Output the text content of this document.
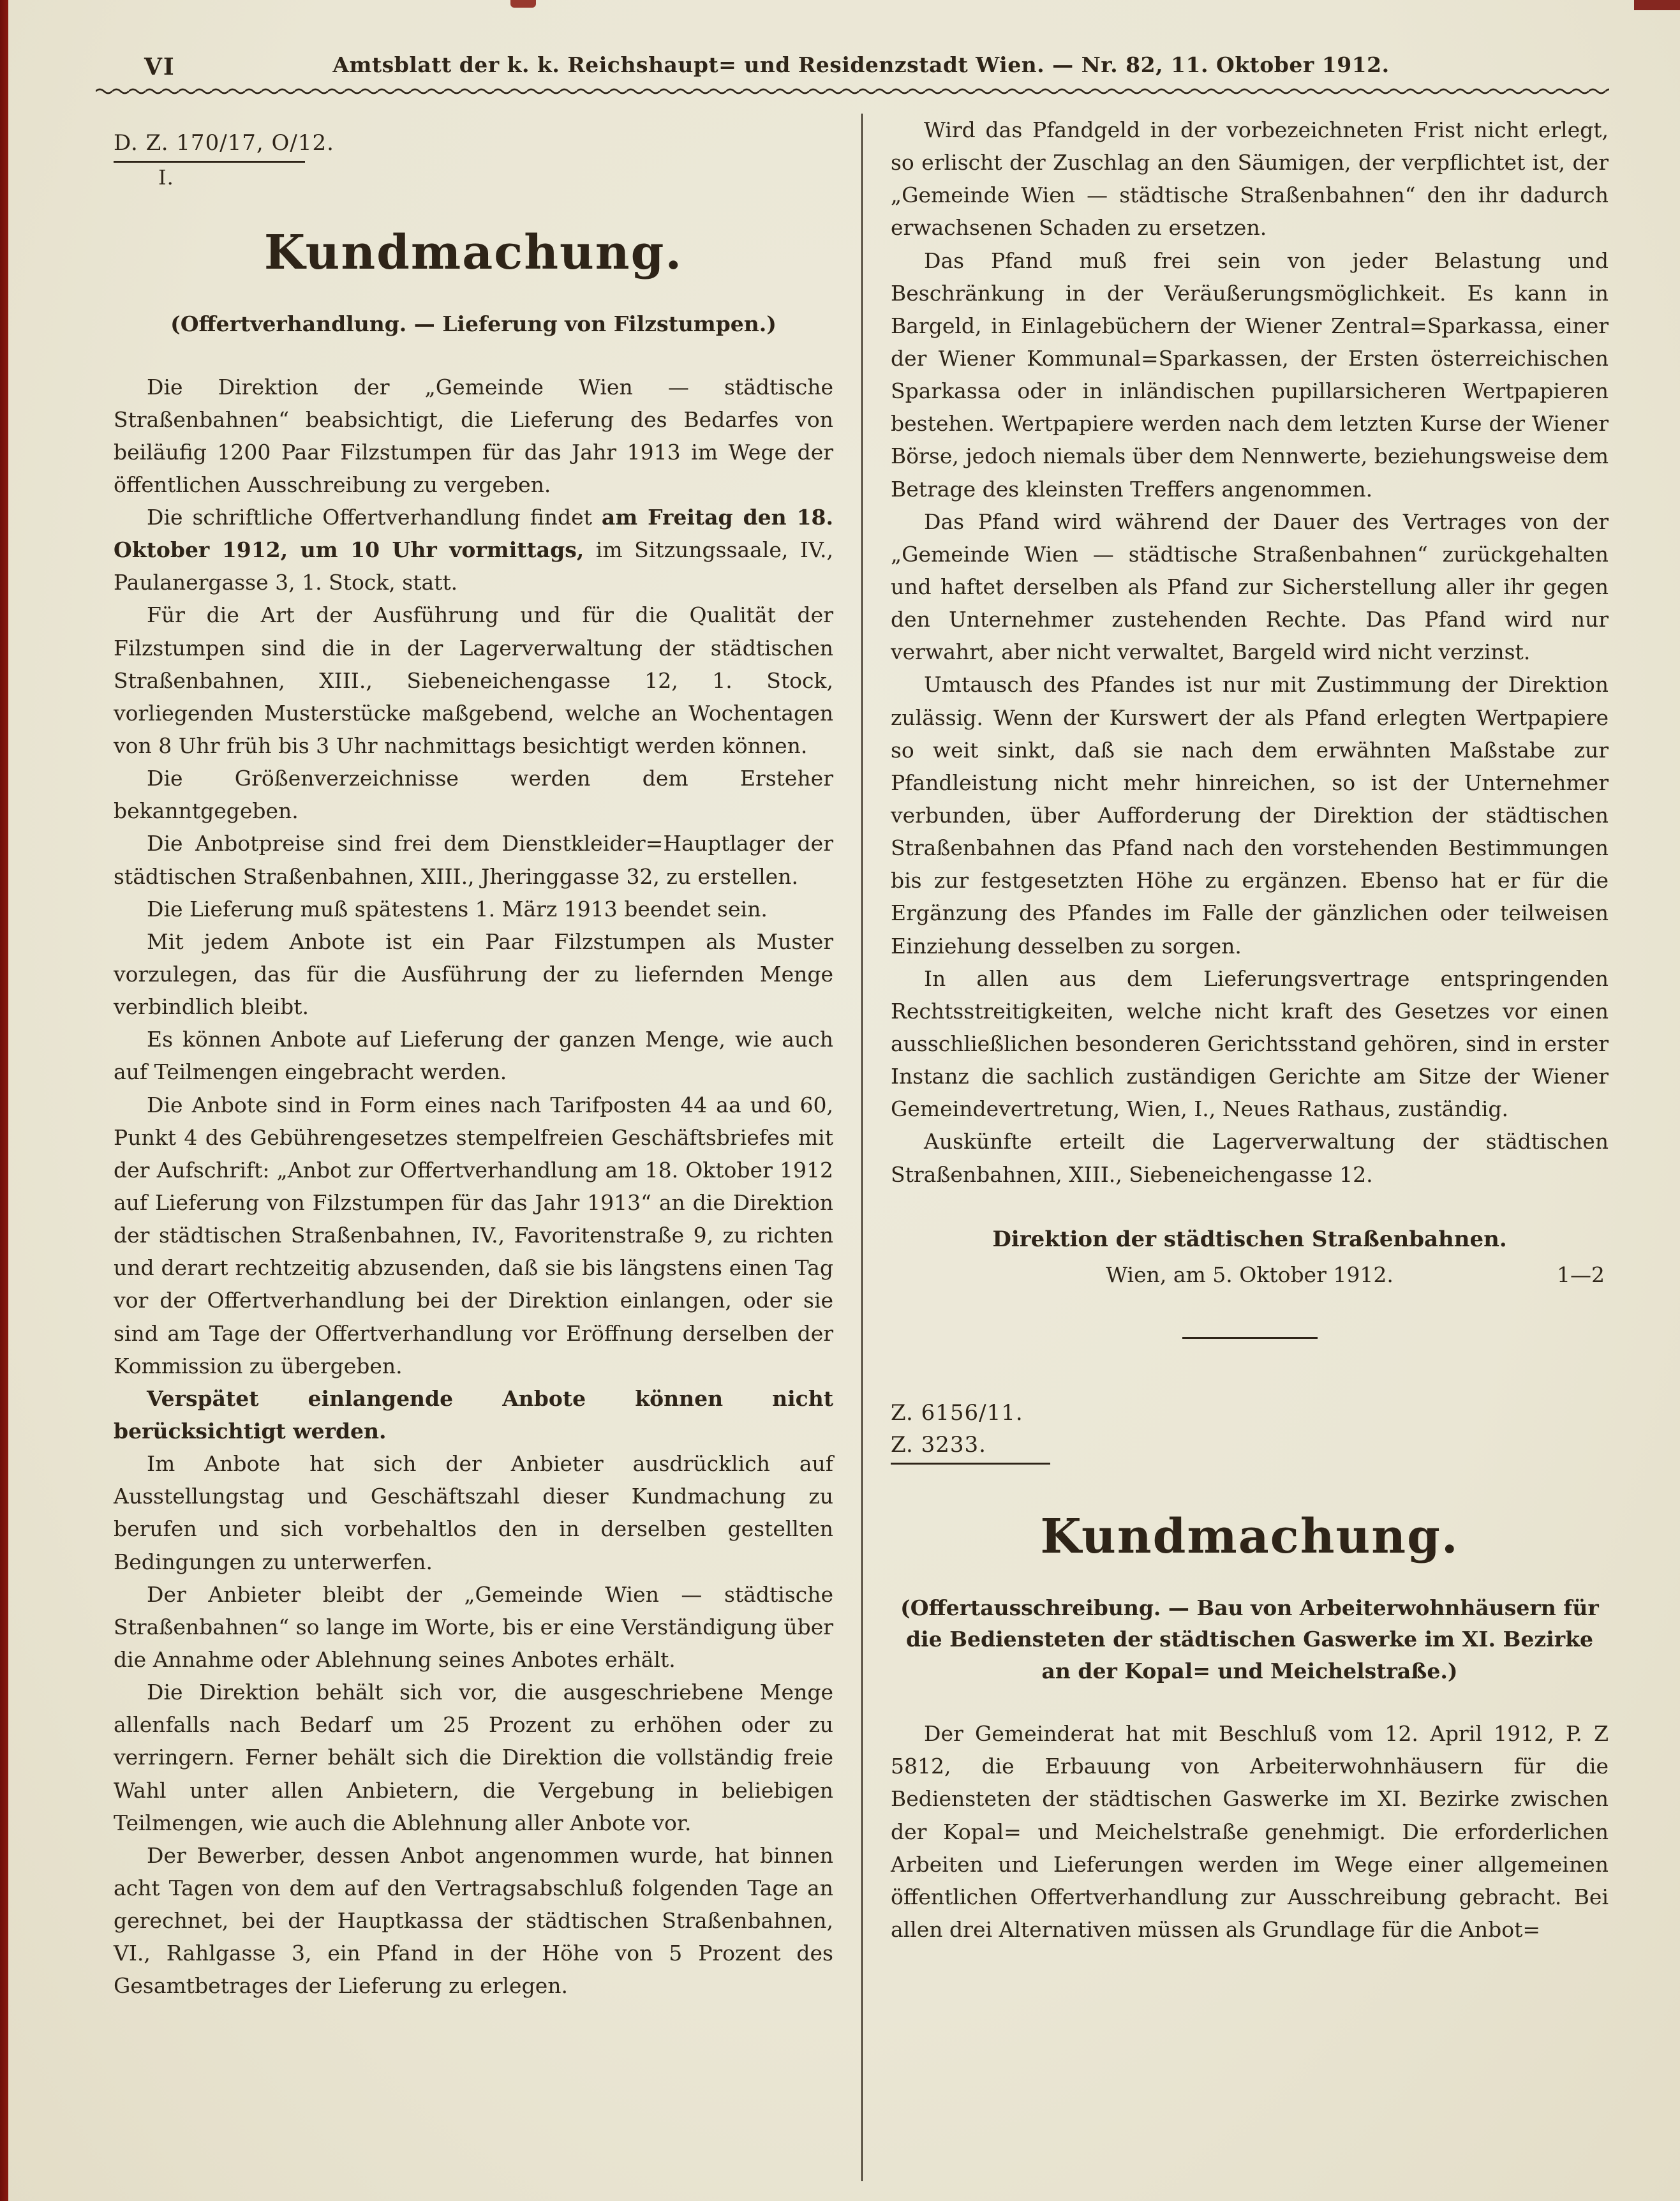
VI	Amtsblatt der k. k. Reichshaupt= und Residenzstadt Wien. — Nr. 82, 11. Oktober 1912.
D. Z. 170/17, O/12.
I.
Kundmachung.
(Offertverhandlung. — Lieferung von Filzstumpen.)

Die Direktion der „Gemeinde Wien — städtische Straßenbahnen“ beabsichtigt, die Lieferung des Bedarfes von beiläufig 1200 Paar Filzstumpen für das Jahr 1913 im Wege der öffentlichen Ausschreibung zu vergeben.

Die schriftliche Offertverhandlung findet am Freitag den 18. Oktober 1912, um 10 Uhr vormittags, im Sitzungssaale, IV., Paulanergasse 3, 1. Stock, statt.

Für die Art der Ausführung und für die Qualität der Filzstumpen sind die in der Lagerverwaltung der städtischen Straßenbahnen, XIII., Siebeneichengasse 12, 1. Stock, vorliegenden Musterstücke maßgebend, welche an Wochentagen von 8 Uhr früh bis 3 Uhr nachmittags besichtigt werden können.

Die Größenverzeichnisse werden dem Ersteher bekanntgegeben.

Die Anbotpreise sind frei dem Dienstkleider=Hauptlager der städtischen Straßenbahnen, XIII., Jheringgasse 32, zu erstellen.

Die Lieferung muß spätestens 1. März 1913 beendet sein.

Mit jedem Anbote ist ein Paar Filzstumpen als Muster vorzulegen, das für die Ausführung der zu liefernden Menge verbindlich bleibt.

Es können Anbote auf Lieferung der ganzen Menge, wie auch auf Teilmengen eingebracht werden.

Die Anbote sind in Form eines nach Tarifposten 44 aa und 60, Punkt 4 des Gebührengesetzes stempelfreien Geschäftsbriefes mit der Aufschrift: „Anbot zur Offertverhandlung am 18. Oktober 1912 auf Lieferung von Filzstumpen für das Jahr 1913“ an die Direktion der städtischen Straßenbahnen, IV., Favoritenstraße 9, zu richten und derart rechtzeitig abzusenden, daß sie bis längstens einen Tag vor der Offertverhandlung bei der Direktion einlangen, oder sie sind am Tage der Offertverhandlung vor Eröffnung derselben der Kommission zu übergeben.

Verspätet einlangende Anbote können nicht berücksichtigt werden.

Im Anbote hat sich der Anbieter ausdrücklich auf Ausstellungstag und Geschäftszahl dieser Kundmachung zu berufen und sich vorbehaltlos den in derselben gestellten Bedingungen zu unterwerfen.

Der Anbieter bleibt der „Gemeinde Wien — städtische Straßenbahnen“ so lange im Worte, bis er eine Verständigung über die Annahme oder Ablehnung seines Anbotes erhält.

Die Direktion behält sich vor, die ausgeschriebene Menge allenfalls nach Bedarf um 25 Prozent zu erhöhen oder zu verringern. Ferner behält sich die Direktion die vollständig freie Wahl unter allen Anbietern, die Vergebung in beliebigen Teilmengen, wie auch die Ablehnung aller Anbote vor.

Der Bewerber, dessen Anbot angenommen wurde, hat binnen acht Tagen von dem auf den Vertragsabschluß folgenden Tage an gerechnet, bei der Hauptkassa der städtischen Straßenbahnen, VI., Rahlgasse 3, ein Pfand in der Höhe von 5 Prozent des Gesamtbetrages der Lieferung zu erlegen.

Wird das Pfandgeld in der vorbezeichneten Frist nicht erlegt, so erlischt der Zuschlag an den Säumigen, der verpflichtet ist, der „Gemeinde Wien — städtische Straßenbahnen“ den ihr dadurch erwachsenen Schaden zu ersetzen.

Das Pfand muß frei sein von jeder Belastung und Beschränkung in der Veräußerungsmöglichkeit. Es kann in Bargeld, in Einlagebüchern der Wiener Zentral=Sparkassa, einer der Wiener Kommunal=Sparkassen, der Ersten österreichischen Sparkassa oder in inländischen pupillarsicheren Wertpapieren bestehen. Wertpapiere werden nach dem letzten Kurse der Wiener Börse, jedoch niemals über dem Nennwerte, beziehungsweise dem Betrage des kleinsten Treffers angenommen.

Das Pfand wird während der Dauer des Vertrages von der „Gemeinde Wien — städtische Straßenbahnen“ zurückgehalten und haftet derselben als Pfand zur Sicherstellung aller ihr gegen den Unternehmer zustehenden Rechte. Das Pfand wird nur verwahrt, aber nicht verwaltet, Bargeld wird nicht verzinst.

Umtausch des Pfandes ist nur mit Zustimmung der Direktion zulässig. Wenn der Kurswert der als Pfand erlegten Wertpapiere so weit sinkt, daß sie nach dem erwähnten Maßstabe zur Pfandleistung nicht mehr hinreichen, so ist der Unternehmer verbunden, über Aufforderung der Direktion der städtischen Straßenbahnen das Pfand nach den vorstehenden Bestimmungen bis zur festgesetzten Höhe zu ergänzen. Ebenso hat er für die Ergänzung des Pfandes im Falle der gänzlichen oder teilweisen Einziehung desselben zu sorgen.

In allen aus dem Lieferungsvertrage entspringenden Rechtsstreitigkeiten, welche nicht kraft des Gesetzes vor einen ausschließlichen besonderen Gerichtsstand gehören, sind in erster Instanz die sachlich zuständigen Gerichte am Sitze der Wiener Gemeindevertretung, Wien, I., Neues Rathaus, zuständig.

Auskünfte erteilt die Lagerverwaltung der städtischen Straßenbahnen, XIII., Siebeneichengasse 12.

Direktion der städtischen Straßenbahnen.
Wien, am 5. Oktober 1912.	1—2
Z. 6156/11.
Z. 3233.
Kundmachung.
(Offertausschreibung. — Bau von Arbeiterwohnhäusern für die Bediensteten der städtischen Gaswerke im XI. Bezirke an der Kopal= und Meichelstraße.)

Der Gemeinderat hat mit Beschluß vom 12. April 1912, P. Z 5812, die Erbauung von Arbeiterwohnhäusern für die Bediensteten der städtischen Gaswerke im XI. Bezirke zwischen der Kopal= und Meichelstraße genehmigt. Die erforderlichen Arbeiten und Lieferungen werden im Wege einer allgemeinen öffentlichen Offertverhandlung zur Ausschreibung gebracht. Bei allen drei Alternativen müssen als Grundlage für die Anbot=
